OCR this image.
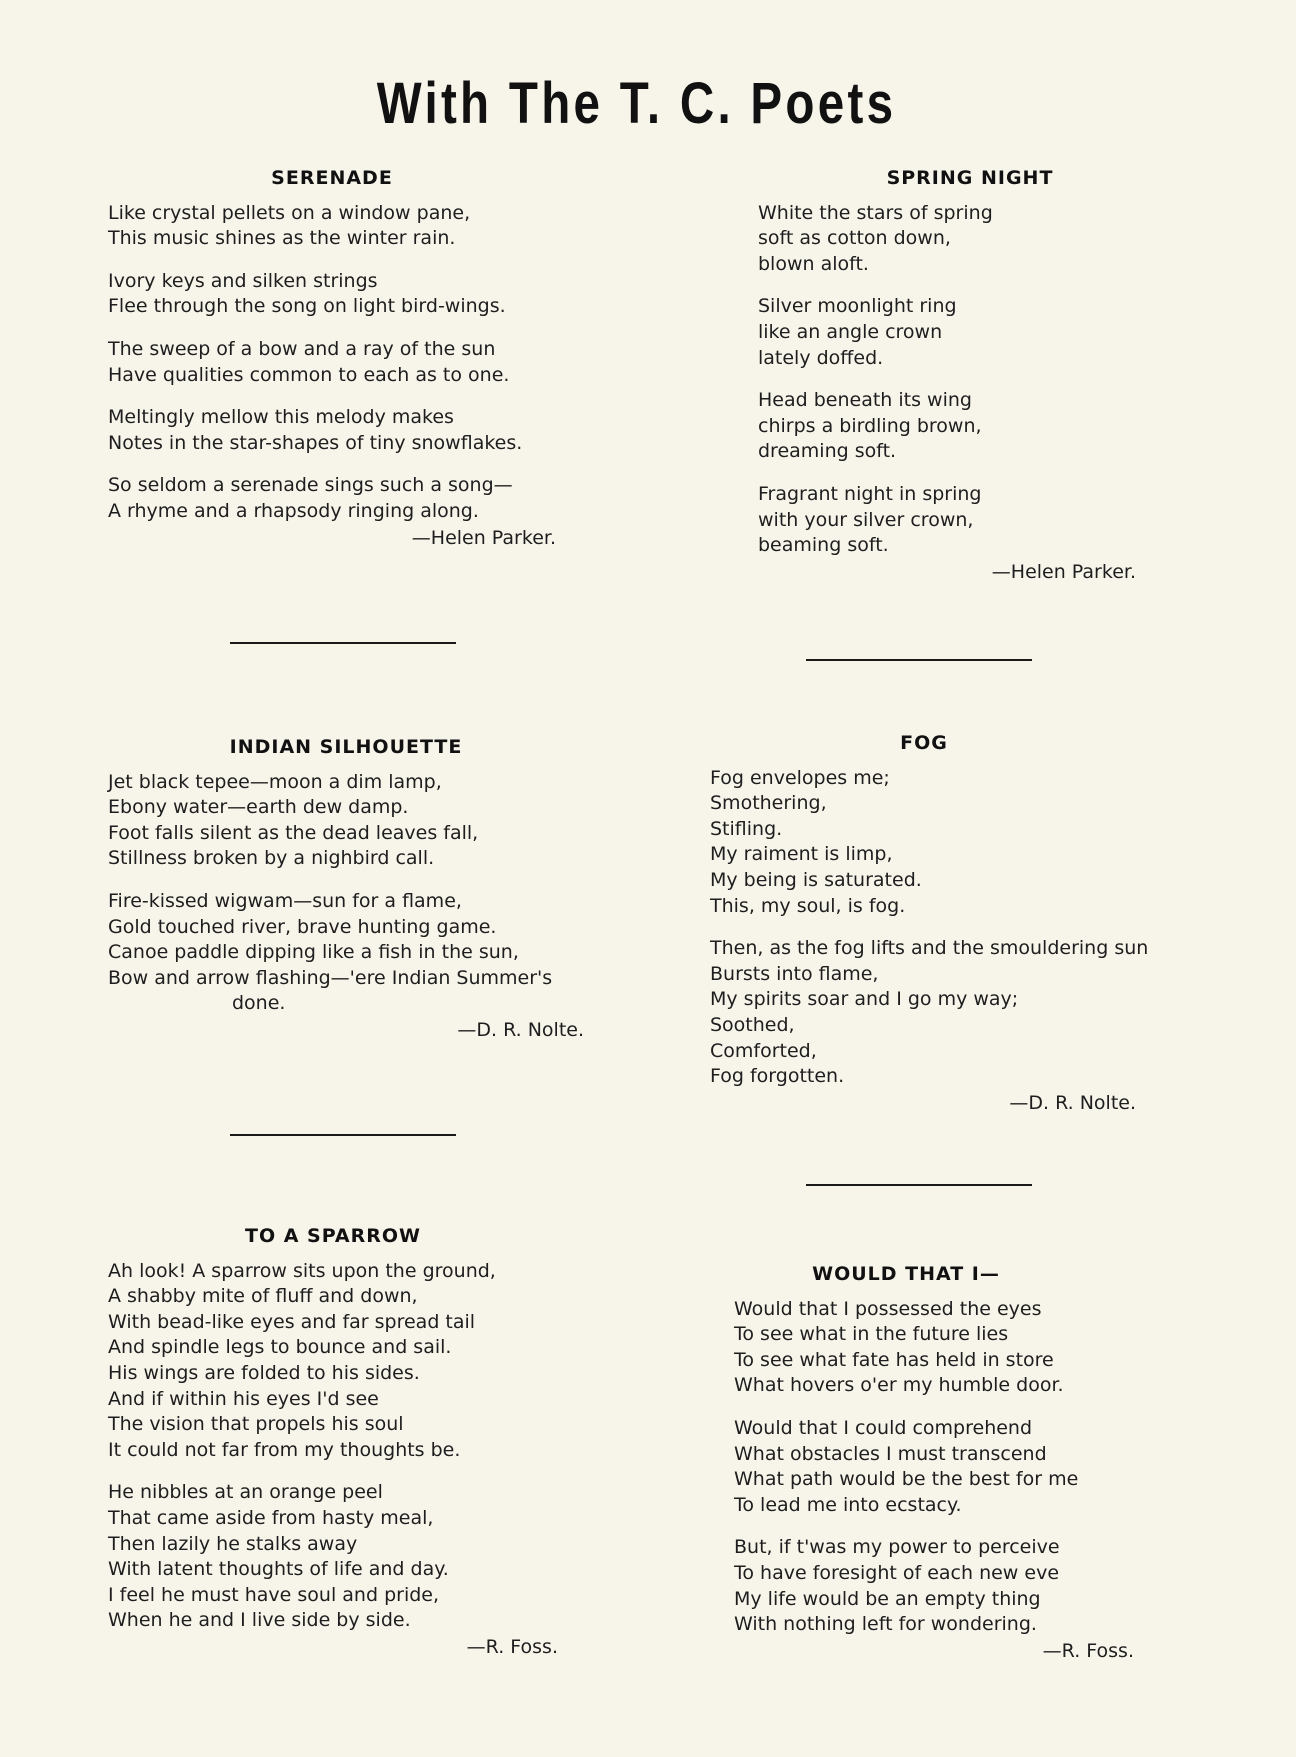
With The T. C. Poets
SERENADE
Like crystal pellets on a window pane,
This music shines as the winter rain.
Ivory keys and silken strings
Flee through the song on light bird-wings.
The sweep of a bow and a ray of the sun
Have qualities common to each as to one.
Meltingly mellow this melody makes
Notes in the star-shapes of tiny snowflakes.
So seldom a serenade sings such a song—
A rhyme and a rhapsody ringing along.
—Helen Parker.
SPRING NIGHT
White the stars of spring
soft as cotton down,
blown aloft.
Silver moonlight ring
like an angle crown
lately doffed.
Head beneath its wing
chirps a birdling brown,
dreaming soft.
Fragrant night in spring
with your silver crown,
beaming soft.
—Helen Parker.
INDIAN SILHOUETTE
Jet black tepee—moon a dim lamp,
Ebony water—earth dew damp.
Foot falls silent as the dead leaves fall,
Stillness broken by a nighbird call.
Fire-kissed wigwam—sun for a flame,
Gold touched river, brave hunting game.
Canoe paddle dipping like a fish in the sun,
Bow and arrow flashing—'ere Indian Summer's
done.
—D. R. Nolte.
FOG
Fog envelopes me;
Smothering,
Stifling.
My raiment is limp,
My being is saturated.
This, my soul, is fog.
Then, as the fog lifts and the smouldering sun
Bursts into flame,
My spirits soar and I go my way;
Soothed,
Comforted,
Fog forgotten.
—D. R. Nolte.
TO A SPARROW
Ah look! A sparrow sits upon the ground,
A shabby mite of fluff and down,
With bead-like eyes and far spread tail
And spindle legs to bounce and sail.
His wings are folded to his sides.
And if within his eyes I'd see
The vision that propels his soul
It could not far from my thoughts be.
He nibbles at an orange peel
That came aside from hasty meal,
Then lazily he stalks away
With latent thoughts of life and day.
I feel he must have soul and pride,
When he and I live side by side.
—R. Foss.
WOULD THAT I—
Would that I possessed the eyes
To see what in the future lies
To see what fate has held in store
What hovers o'er my humble door.
Would that I could comprehend
What obstacles I must transcend
What path would be the best for me
To lead me into ecstacy.
But, if t'was my power to perceive
To have foresight of each new eve
My life would be an empty thing
With nothing left for wondering.
—R. Foss.
